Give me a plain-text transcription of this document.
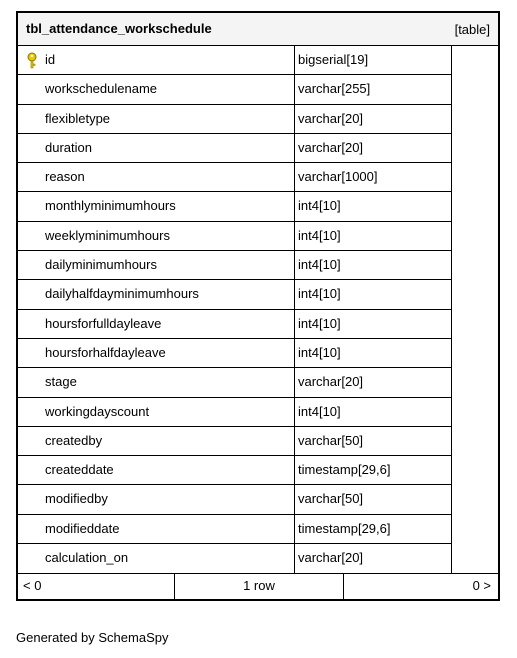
tbl_attendance_workschedule	[table]
id	bigserial[19]
workschedulename	varchar[255]
flexibletype	varchar[20]
duration	varchar[20]
reason	varchar[1000]
monthlyminimumhours	int4[10]
weeklyminimumhours	int4[10]
dailyminimumhours	int4[10]
dailyhalfdayminimumhours	int4[10]
hoursforfulldayleave	int4[10]
hoursforhalfdayleave	int4[10]
stage	varchar[20]
workingdayscount	int4[10]
createdby	varchar[50]
createddate	timestamp[29,6]
modifiedby	varchar[50]
modifieddate	timestamp[29,6]
calculation_on	varchar[20]
< 0	1 row	0 >
Generated by SchemaSpy
